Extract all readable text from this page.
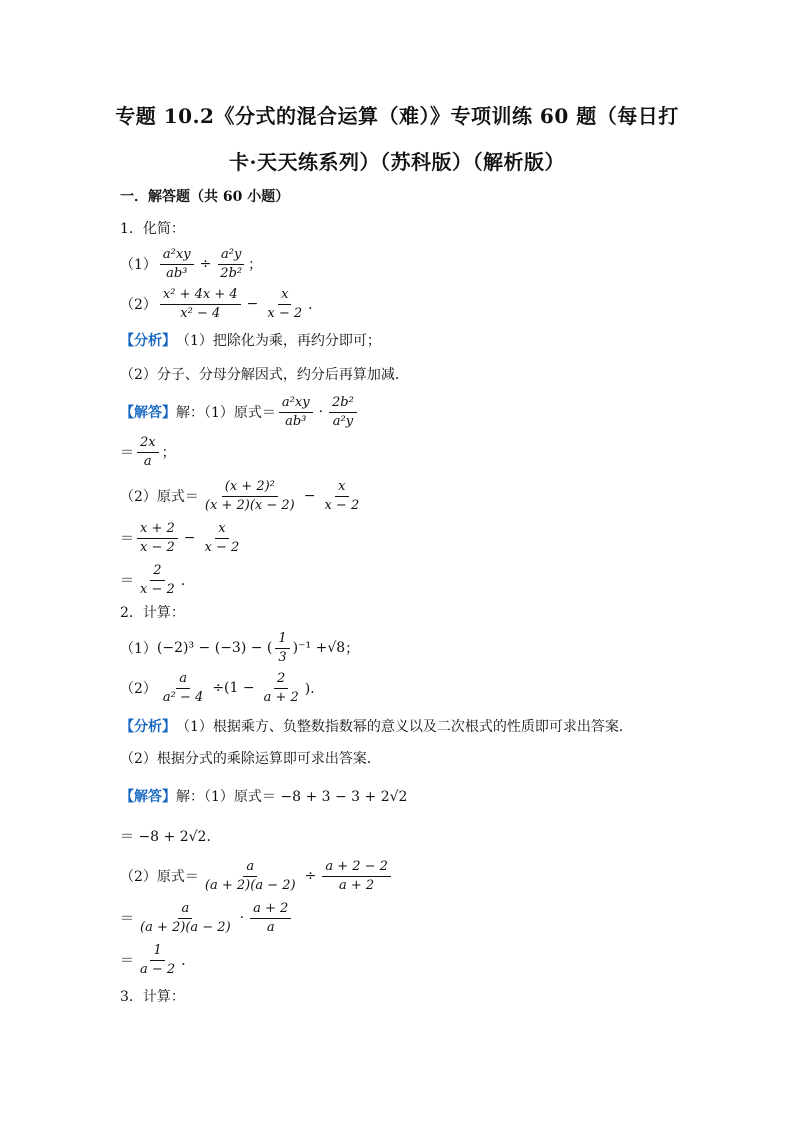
专题 10.2《分式的混合运算（难）》专项训练 60 题（每日打
卡·天天练系列）（苏科版）（解析版）
一．解答题（共 60 小题）
1．化简：
$(1) \frac{\text{a²xy}}{\text{ab³}} \div \frac{\text{a²y}}{\text{2b²}}$ ；
$(2) \frac{\text{x² + 4x + 4}}{\text{x² − 4}} - \frac{x}{x - 2}$ ．
【分析】 （1）把除化为乘，再约分即可；
（2）分子、分母分解因式，约分后再算加减．
【解答】 解：（1）原式＝ $\frac{\text{a²xy}}{\text{ab³}} \cdot \frac{\text{2b²}}{\text{a²y}}$
＝ $\frac{2x}{a}$ ；
（2）原式＝ $\frac{\text{(x + 2)²}}{(x + 2)(x - 2)} - \frac{x}{x - 2}$
＝ $\frac{x + 2}{x - 2} - \frac{x}{x - 2}$
＝ $\frac{2}{x - 2}$ ．
2．计算：
（1） (−2)³ − (−3) − ( $\frac{1}{3} )^{-1} + √8$ ；
$(2) \frac{a}{\text{a² − 4}} \div(1 - \frac{2}{a + 2}$ )．
【分析】 （1）根据乘方、负整数指数幂的意义以及二次根式的性质即可求出答案．
（2）根据分式的乘除运算即可求出答案．
【解答】 解：（1）原式＝ −8 + 3 − 3 + 2√2
＝ −8 + 2√2．
（2）原式＝ $\frac{a}{(a + 2)(a - 2)} \div \frac{a + 2 - 2}{a + 2}$
＝ $\frac{a}{(a + 2)(a - 2)} \cdot \frac{a + 2}{a}$
＝ $\frac{1}{a - 2}$ ．
3．计算：
